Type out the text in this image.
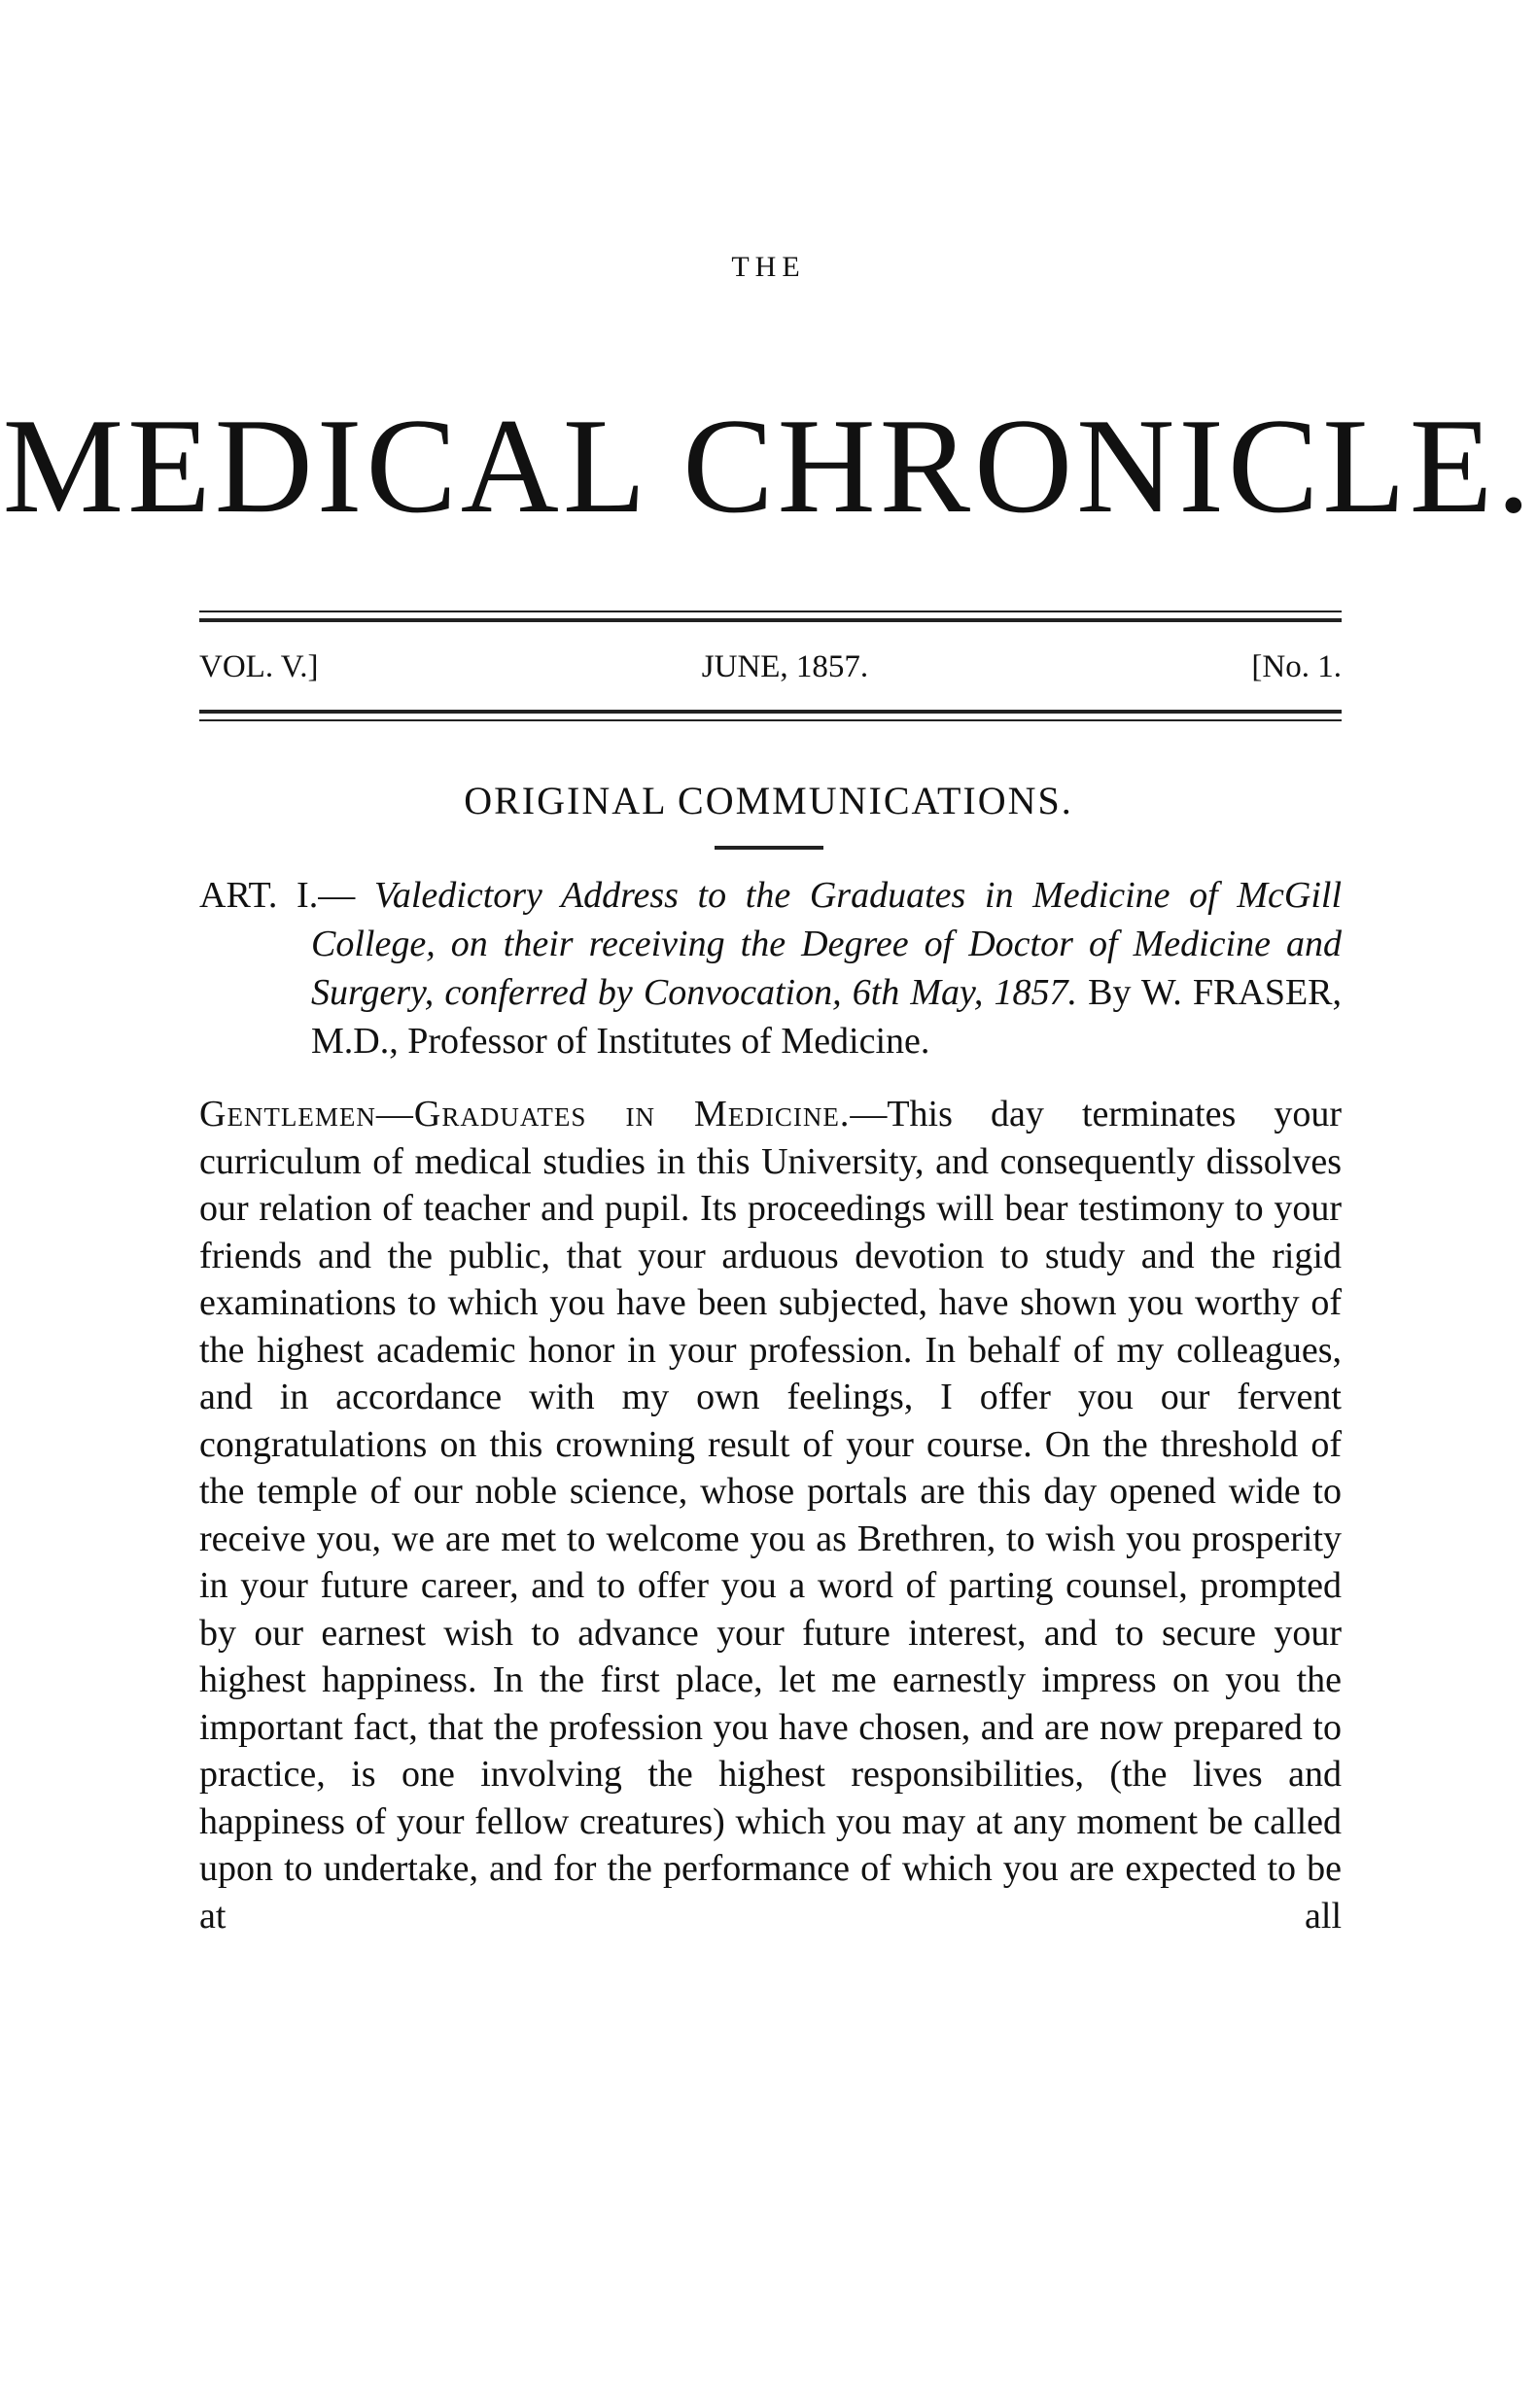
THE
MEDICAL CHRONICLE.
VOL. V.]	JUNE, 1857.	[No. 1.
ORIGINAL COMMUNICATIONS.
ART. I.— Valedictory Address to the Graduates in Medicine of McGill College, on their receiving the Degree of Doctor of Medicine and Surgery, conferred by Convocation, 6th May, 1857. By W. FRASER, M.D., Professor of Institutes of Medicine.
Gentlemen—Graduates in Medicine.—This day terminates your curriculum of medical studies in this University, and consequently dissolves our relation of teacher and pupil. Its proceedings will bear testimony to your friends and the public, that your arduous devotion to study and the rigid examinations to which you have been subjected, have shown you worthy of the highest academic honor in your profession. In behalf of my colleagues, and in accordance with my own feelings, I offer you our fervent congratulations on this crowning result of your course. On the threshold of the temple of our noble science, whose portals are this day opened wide to receive you, we are met to welcome you as Brethren, to wish you prosperity in your future career, and to offer you a word of parting counsel, prompted by our earnest wish to advance your future interest, and to secure your highest happiness. In the first place, let me earnestly impress on you the important fact, that the profession you have chosen, and are now prepared to practice, is one involving the highest responsibilities, (the lives and happiness of your fellow creatures) which you may at any moment be called upon to undertake, and for the performance of which you are expected to be at all
